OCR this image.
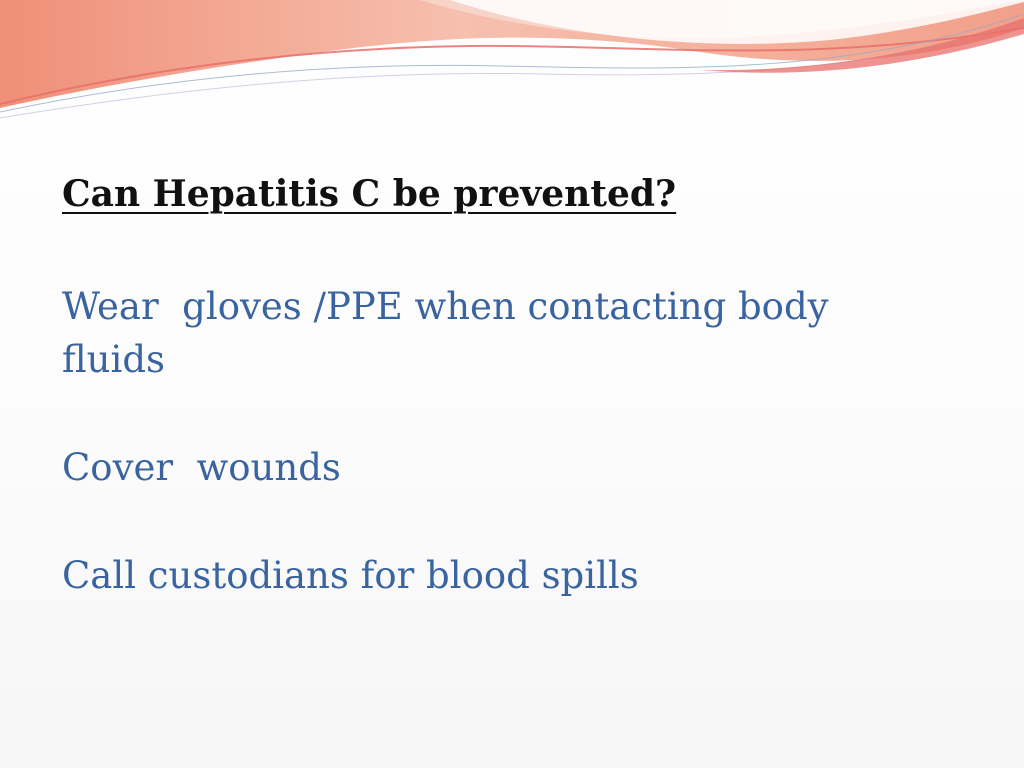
Can Hepatitis C be prevented?
Wear  gloves /PPE when contacting body fluids
Cover  wounds
Call custodians for blood spills
